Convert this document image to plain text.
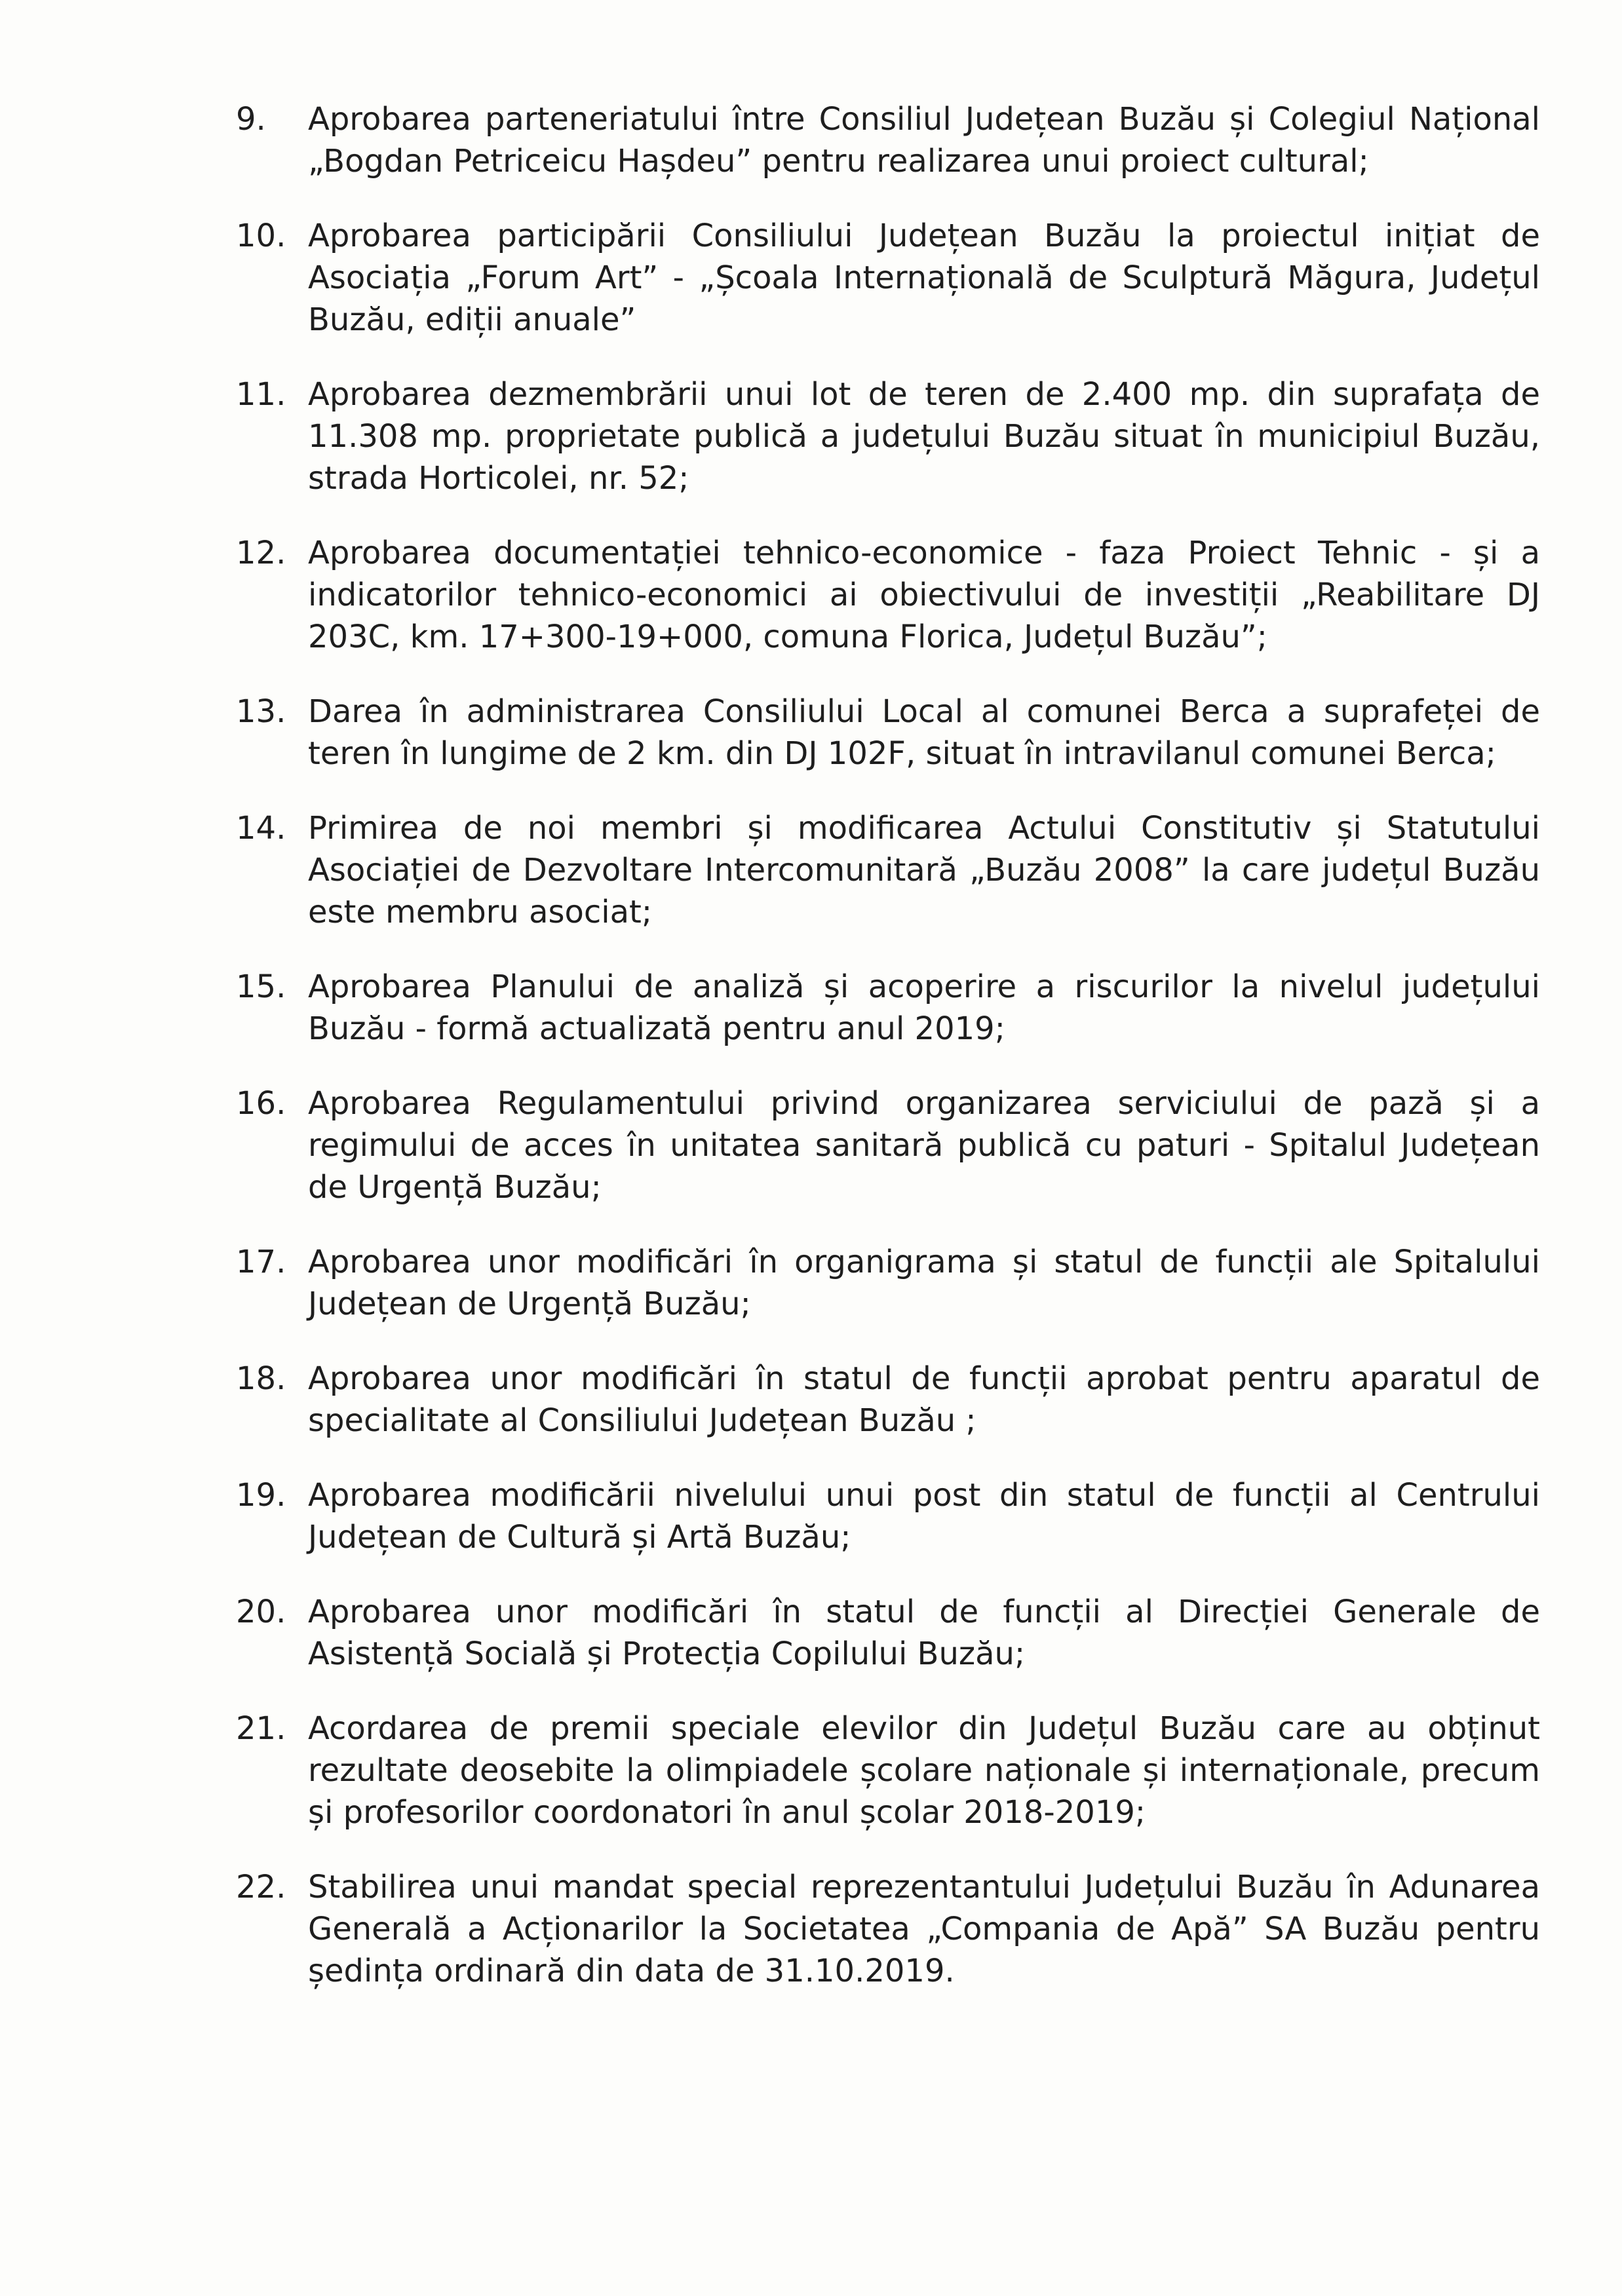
9.	Aprobarea parteneriatului între Consiliul Județean Buzău și Colegiul Național „Bogdan Petriceicu Hașdeu” pentru realizarea unui proiect cultural;
10. Aprobarea participării Consiliului Județean Buzău la proiectul inițiat de Asociația „Forum Art” - „Școala Internațională de Sculptură Măgura, Județul Buzău, ediții anuale”
11. Aprobarea dezmembrării unui lot de teren de 2.400 mp. din suprafața de 11.308 mp. proprietate publică a județului Buzău situat în municipiul Buzău, strada Horticolei, nr. 52;
12. Aprobarea documentației tehnico-economice - faza Proiect Tehnic - și a indicatorilor tehnico-economici ai obiectivului de investiții „Reabilitare DJ 203C, km. 17+300-19+000, comuna Florica, Județul Buzău”;
13. Darea în administrarea Consiliului Local al comunei Berca a suprafeței de teren în lungime de 2 km. din DJ 102F, situat în intravilanul comunei Berca;
14. Primirea de noi membri și modificarea Actului Constitutiv și Statutului Asociației de Dezvoltare Intercomunitară „Buzău 2008” la care județul Buzău este membru asociat;
15. Aprobarea Planului de analiză și acoperire a riscurilor la nivelul județului Buzău - formă actualizată pentru anul 2019;
16. Aprobarea Regulamentului privind organizarea serviciului de pază și a regimului de acces în unitatea sanitară publică cu paturi - Spitalul Județean de Urgență Buzău;
17. Aprobarea unor modificări în organigrama și statul de funcții ale Spitalului Județean de Urgență Buzău;
18. Aprobarea unor modificări în statul de funcții aprobat pentru aparatul de specialitate al Consiliului Județean Buzău ;
19. Aprobarea modificării nivelului unui post din statul de funcții al Centrului Județean de Cultură și Artă Buzău;
20. Aprobarea unor modificări în statul de funcții al Direcției Generale de Asistență Socială și Protecția Copilului Buzău;
21. Acordarea de premii speciale elevilor din Județul Buzău care au obținut rezultate deosebite la olimpiadele școlare naționale și internaționale, precum și profesorilor coordonatori în anul școlar 2018-2019;
22. Stabilirea unui mandat special reprezentantului Județului Buzău în Adunarea Generală a Acționarilor la Societatea „Compania de Apă” SA Buzău pentru ședința ordinară din data de 31.10.2019.
